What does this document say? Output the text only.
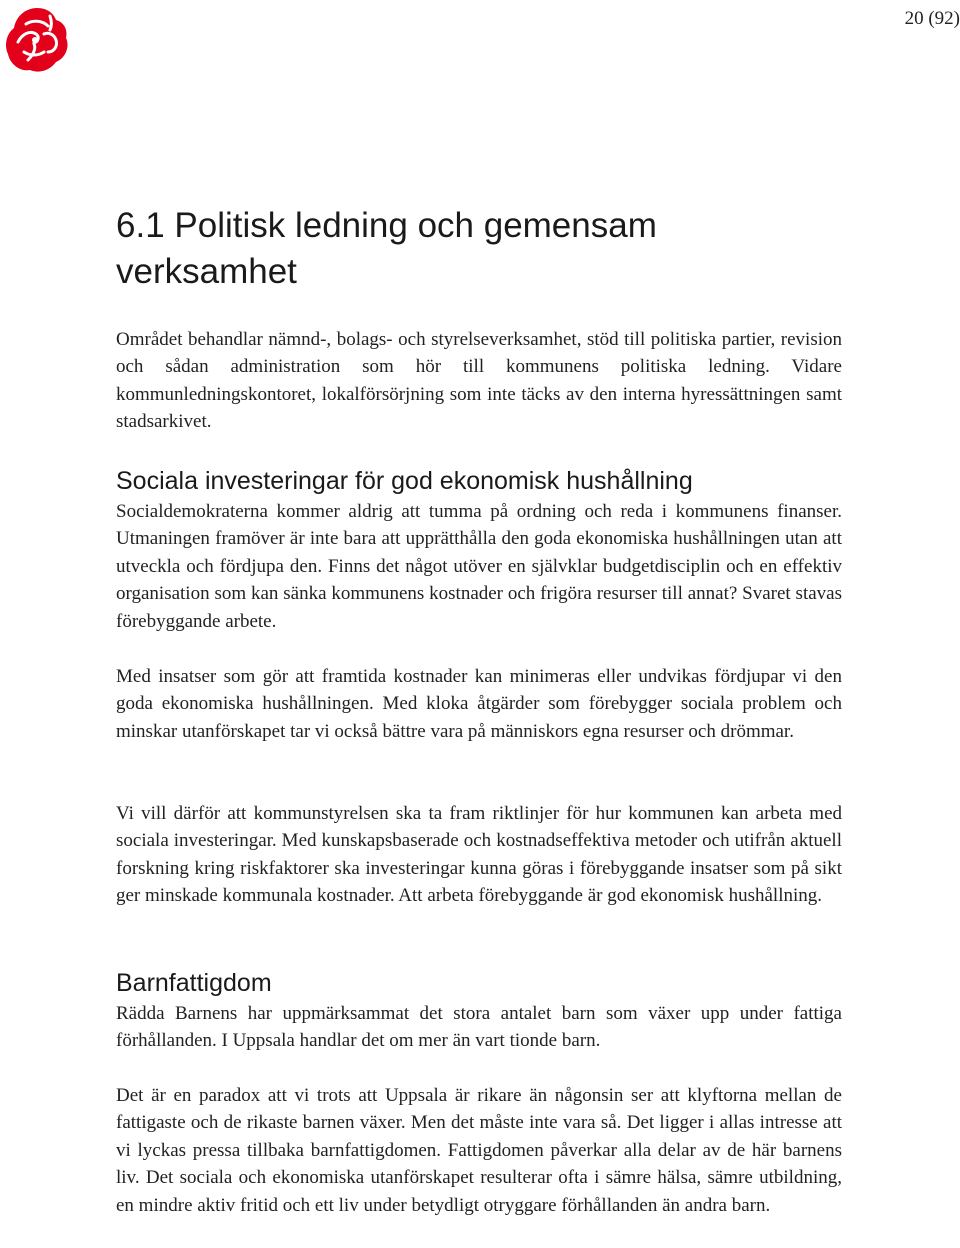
20 (92)
6.1 Politisk ledning och gemensam verksamhet

Området behandlar nämnd-, bolags- och styrelseverksamhet, stöd till politiska partier, revision och sådan administration som hör till kommunens politiska ledning. Vidare kommunledningskontoret, lokalförsörjning som inte täcks av den interna hyressättningen samt stadsarkivet.

Sociala investeringar för god ekonomisk hushållning

Socialdemokraterna kommer aldrig att tumma på ordning och reda i kommunens finanser. Utmaningen framöver är inte bara att upprätthålla den goda ekonomiska hushållningen utan att utveckla och fördjupa den. Finns det något utöver en självklar budgetdisciplin och en effektiv organisation som kan sänka kommunens kostnader och frigöra resurser till annat? Svaret stavas förebyggande arbete.

Med insatser som gör att framtida kostnader kan minimeras eller undvikas fördjupar vi den goda ekonomiska hushållningen. Med kloka åtgärder som förebygger sociala problem och minskar utanförskapet tar vi också bättre vara på människors egna resurser och drömmar.

Vi vill därför att kommunstyrelsen ska ta fram riktlinjer för hur kommunen kan arbeta med sociala investeringar. Med kunskapsbaserade och kostnadseffektiva metoder och utifrån aktuell forskning kring riskfaktorer ska investeringar kunna göras i förebyggande insatser som på sikt ger minskade kommunala kostnader. Att arbeta förebyggande är god ekonomisk hushållning.

Barnfattigdom

Rädda Barnens har uppmärksammat det stora antalet barn som växer upp under fattiga förhållanden. I Uppsala handlar det om mer än vart tionde barn.

Det är en paradox att vi trots att Uppsala är rikare än någonsin ser att klyftorna mellan de fattigaste och de rikaste barnen växer. Men det måste inte vara så. Det ligger i allas intresse att vi lyckas pressa tillbaka barnfattigdomen. Fattigdomen påverkar alla delar av de här barnens liv. Det sociala och ekonomiska utanförskapet resulterar ofta i sämre hälsa, sämre utbildning, en mindre aktiv fritid och ett liv under betydligt otryggare förhållanden än andra barn.
